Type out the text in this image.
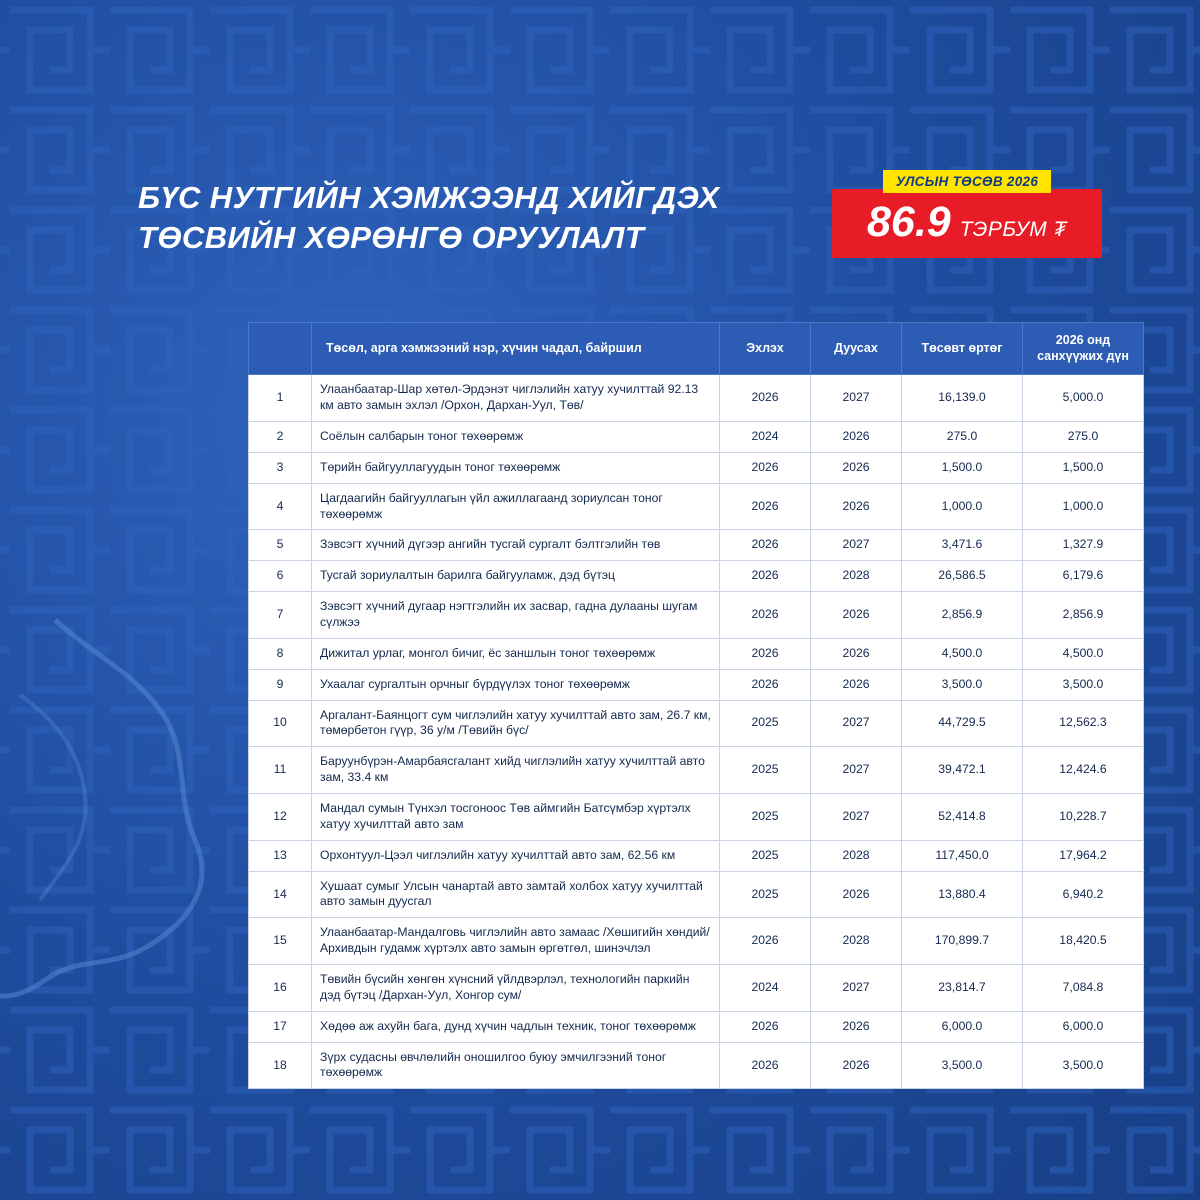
БҮС НУТГИЙН ХЭМЖЭЭНД ХИЙГДЭХ
ТӨСВИЙН ХӨРӨНГӨ ОРУУЛАЛТ
УЛСЫН ТӨСӨВ 2026
86.9 ТЭРБУМ ₮
	Төсөл, арга хэмжээний нэр, хүчин чадал, байршил	Эхлэх	Дуусах	Төсөвт өртөг	2026 онд санхүүжих дүн
1	Улаанбаатар-Шар хөтөл-Эрдэнэт чиглэлийн хатуу хучилттай 92.13 км авто замын эхлэл /Орхон, Дархан-Уул, Төв/	2026	2027	16,139.0	5,000.0
2	Соёлын салбарын тоног төхөөрөмж	2024	2026	275.0	275.0
3	Төрийн байгууллагуудын тоног төхөөрөмж	2026	2026	1,500.0	1,500.0
4	Цагдаагийн байгууллагын үйл ажиллагаанд зориулсан тоног төхөөрөмж	2026	2026	1,000.0	1,000.0
5	Зэвсэгт хүчний дүгээр ангийн тусгай сургалт бэлтгэлийн төв	2026	2027	3,471.6	1,327.9
6	Тусгай зориулалтын барилга байгууламж, дэд бүтэц	2026	2028	26,586.5	6,179.6
7	Зэвсэгт хүчний дугаар нэгтгэлийн их засвар, гадна дулааны шугам сүлжээ	2026	2026	2,856.9	2,856.9
8	Дижитал урлаг, монгол бичиг, ёс заншлын тоног төхөөрөмж	2026	2026	4,500.0	4,500.0
9	Ухаалаг сургалтын орчныг бүрдүүлэх тоног төхөөрөмж	2026	2026	3,500.0	3,500.0
10	Аргалант-Баянцогт сум чиглэлийн хатуу хучилттай авто зам, 26.7 км, төмөрбетон гүүр, 36 у/м /Төвийн бүс/	2025	2027	44,729.5	12,562.3
11	Баруунбүрэн-Амарбаясгалант хийд чиглэлийн хатуу хучилттай авто зам, 33.4 км	2025	2027	39,472.1	12,424.6
12	Мандал сумын Түнхэл тосгоноос Төв аймгийн Батсүмбэр хүртэлх хатуу хучилттай авто зам	2025	2027	52,414.8	10,228.7
13	Орхонтуул-Цээл чиглэлийн хатуу хучилттай авто зам, 62.56 км	2025	2028	117,450.0	17,964.2
14	Хушаат сумыг Улсын чанартай авто замтай холбох хатуу хучилттай авто замын дуусгал	2025	2026	13,880.4	6,940.2
15	Улаанбаатар-Мандалговь чиглэлийн авто замаас /Хөшигийн хөндий/ Архивдын гудамж хүртэлх авто замын өргөтгөл, шинэчлэл	2026	2028	170,899.7	18,420.5
16	Төвийн бүсийн хөнгөн хүнсний үйлдвэрлэл, технологийн паркийн дэд бүтэц /Дархан-Уул, Хонгор сум/	2024	2027	23,814.7	7,084.8
17	Хөдөө аж ахуйн бага, дунд хүчин чадлын техник, тоног төхөөрөмж	2026	2026	6,000.0	6,000.0
18	Зүрх судасны өвчлөлийн оношилгоо буюу эмчилгээний тоног төхөөрөмж	2026	2026	3,500.0	3,500.0
